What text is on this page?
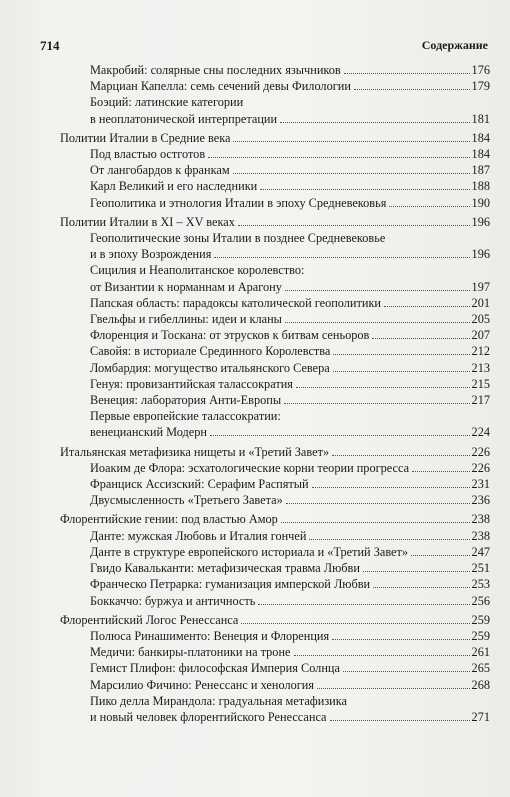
714	Содержание
Макробий: солярные сны последних язычников	176
Марциан Капелла: семь сечений девы Филологии	179
Боэций: латинские категории
в неоплатонической интерпретации	181
Политии Италии в Средние века	184
Под властью остготов	184
От лангобардов к франкам	187
Карл Великий и его наследники	188
Геополитика и этнология Италии в эпоху Средневековья	190
Политии Италии в XI – XV веках	196
Геополитические зоны Италии в позднее Средневековье
и в эпоху Возрождения	196
Сицилия и Неаполитанское королевство:
от Византии к норманнам и Арагону	197
Папская область: парадоксы католической геополитики	201
Гвельфы и гибеллины: идеи и кланы	205
Флоренция и Тоскана: от этрусков к битвам сеньоров	207
Савойя: в историале Срединного Королевства	212
Ломбардия: могущество итальянского Севера	213
Генуя: провизантийская талассократия	215
Венеция: лаборатория Анти-Европы	217
Первые европейские талассократии:
венецианский Модерн	224
Итальянская метафизика нищеты и «Третий Завет»	226
Иоаким де Флора: эсхатологические корни теории прогресса	226
Франциск Ассизский: Серафим Распятый	231
Двусмысленность «Третьего Завета»	236
Флорентийские гении: под властью Амор	238
Данте: мужская Любовь и Италия гончей	238
Данте в структуре европейского историала и «Третий Завет»	247
Гвидо Кавальканти: метафизическая травма Любви	251
Франческо Петрарка: гуманизация имперской Любви	253
Боккаччо: буржуа и античность	256
Флорентийский Логос Ренессанса	259
Полюса Ринашименто: Венеция и Флоренция	259
Медичи: банкиры-платоники на троне	261
Гемист Плифон: философская Империя Солнца	265
Марсилио Фичино: Ренессанс и хенология	268
Пико делла Мирандола: градуальная метафизика
и новый человек флорентийского Ренессанса	271
